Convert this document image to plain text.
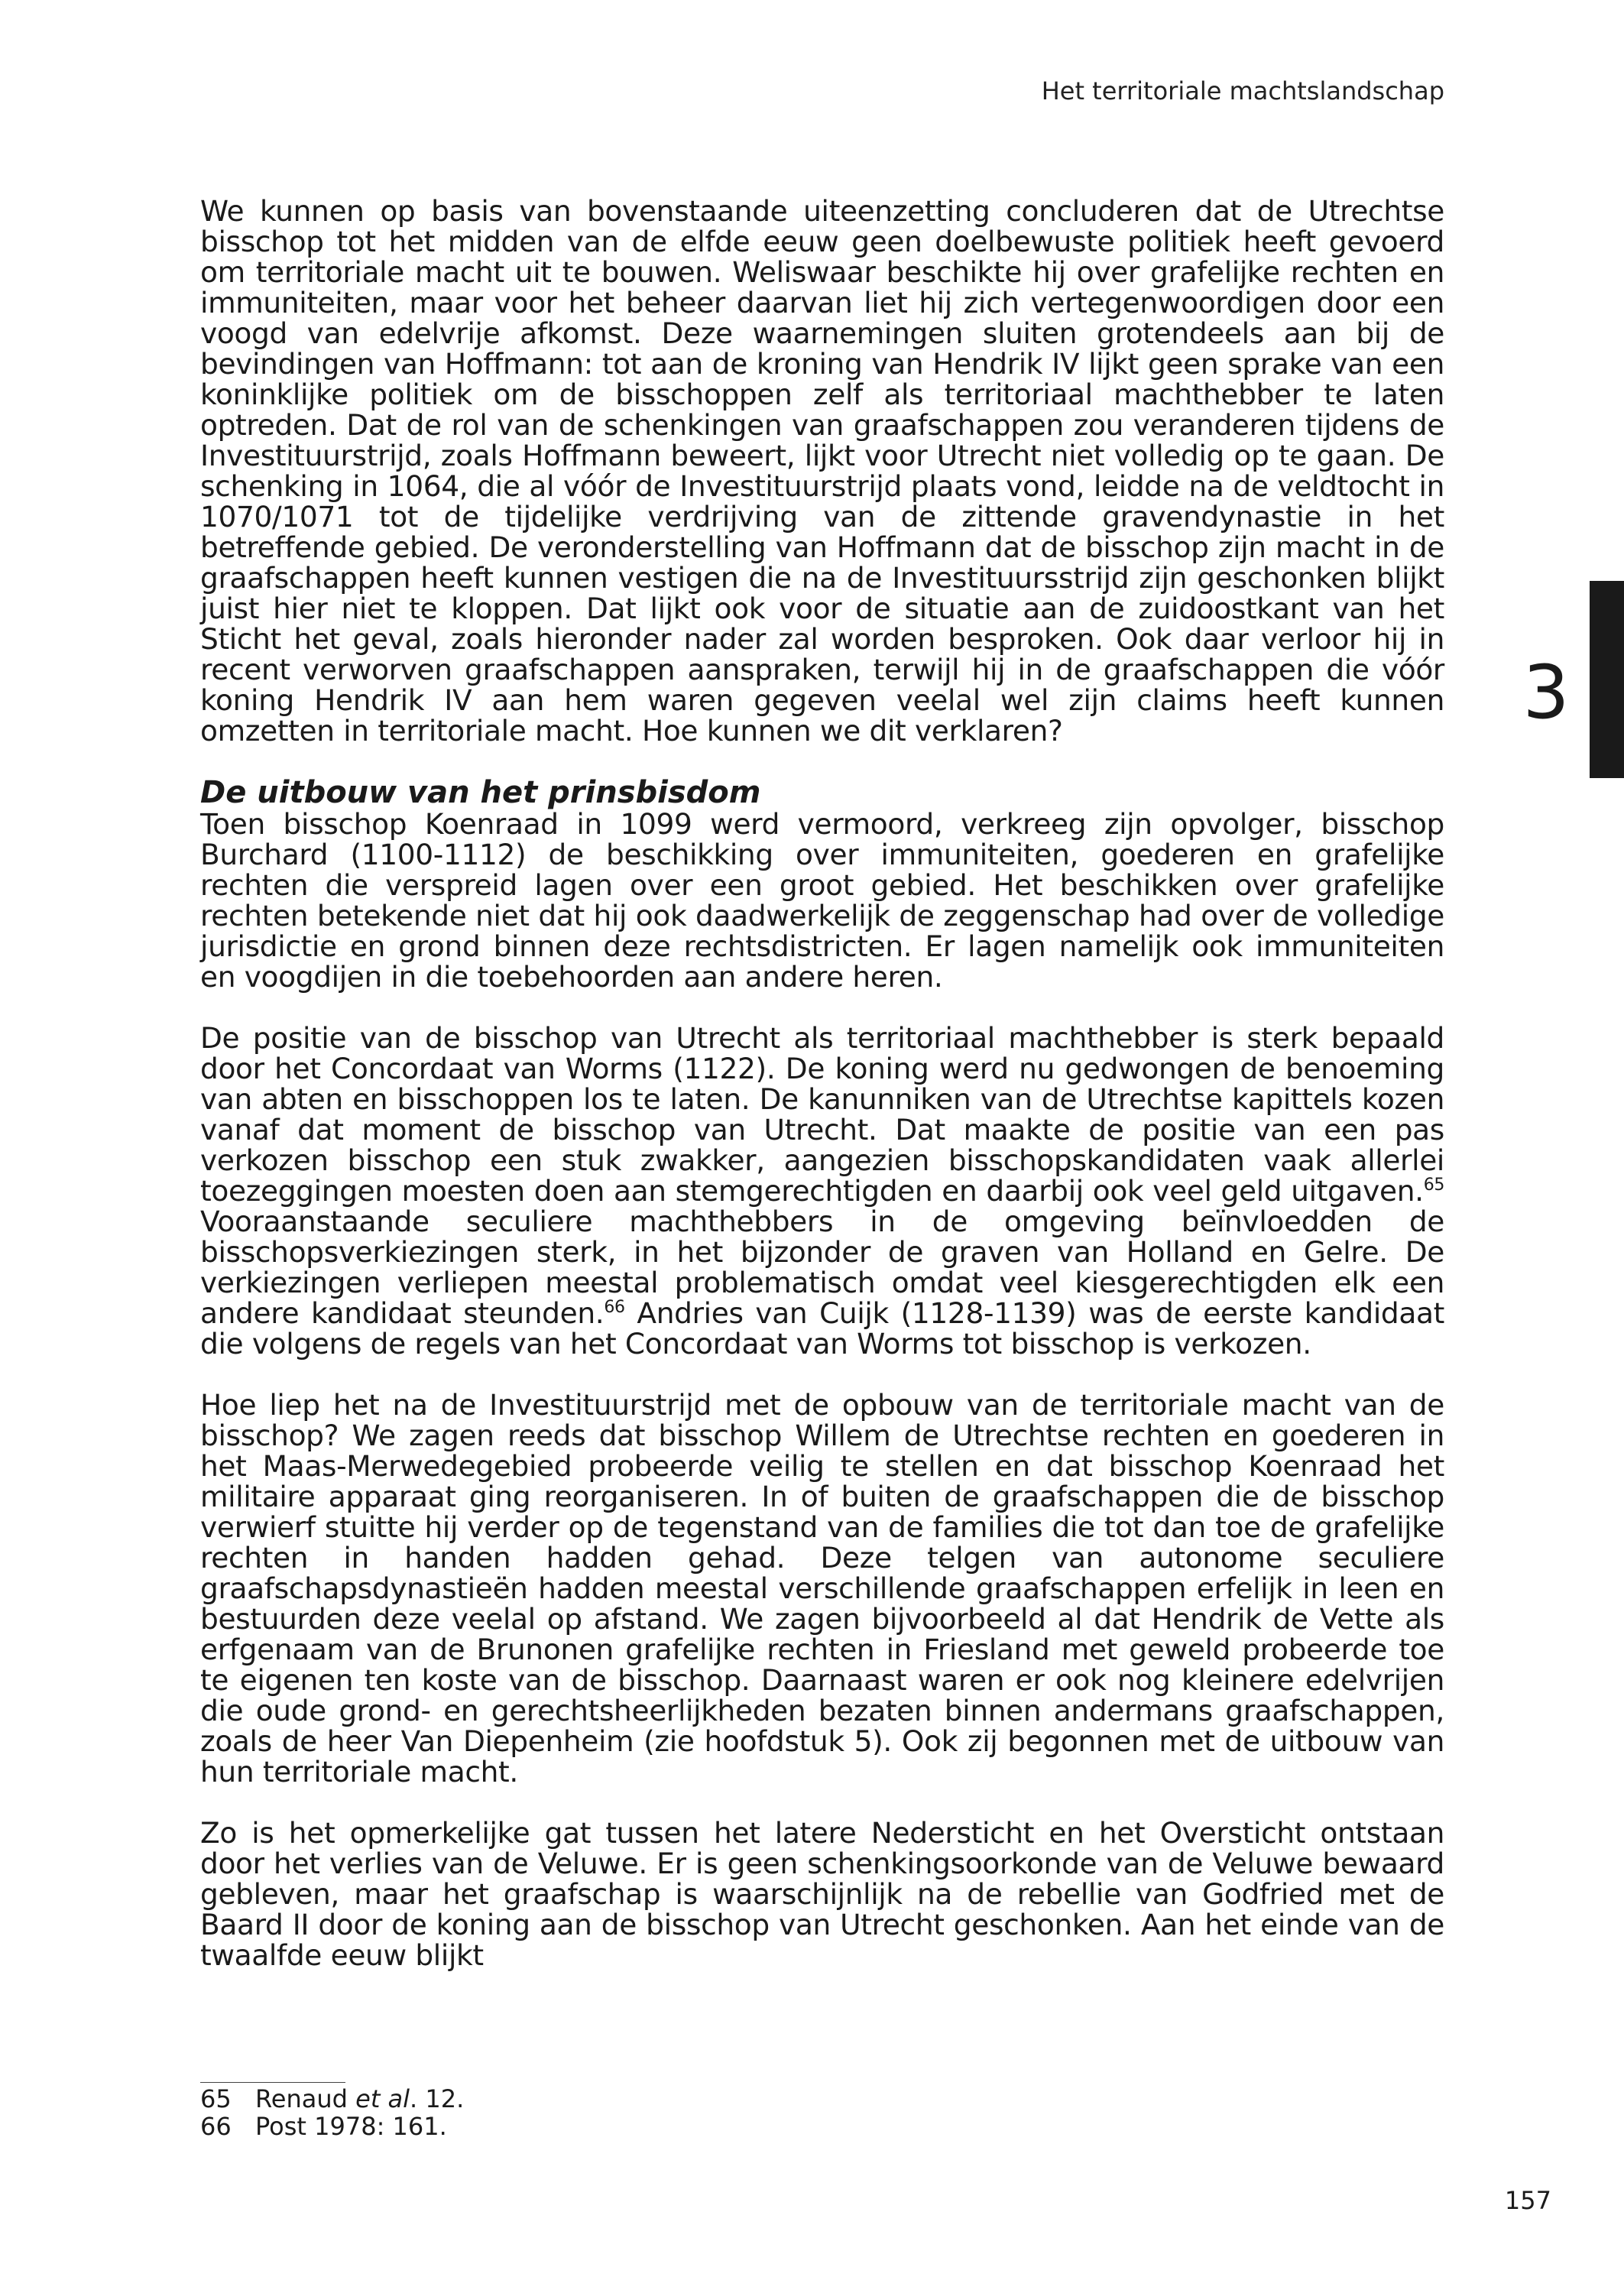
Het territoriale machtslandschap
3

We kunnen op basis van bovenstaande uiteenzetting concluderen dat de Utrechtse bisschop tot het midden van de elfde eeuw geen doelbewuste politiek heeft gevoerd om territoriale macht uit te bouwen. Weliswaar beschikte hij over grafelijke rechten en immuniteiten, maar voor het beheer daarvan liet hij zich vertegenwoordigen door een voogd van edelvrije afkomst. Deze waarnemingen sluiten grotendeels aan bij de bevindingen van Hoffmann: tot aan de kroning van Hendrik IV lijkt geen sprake van een koninklijke politiek om de bisschoppen zelf als territoriaal machthebber te laten optreden. Dat de rol van de schenkingen van graafschappen zou veranderen tijdens de Investituurstrijd, zoals Hoffmann beweert, lijkt voor Utrecht niet volledig op te gaan. De schenking in 1064, die al vóór de Investituurstrijd plaats vond, leidde na de veldtocht in 1070/1071 tot de tijdelijke verdrijving van de zittende gravendynastie in het betreffende gebied. De veronderstelling van Hoffmann dat de bisschop zijn macht in de graafschappen heeft kunnen vestigen die na de Investituursstrijd zijn geschonken blijkt juist hier niet te kloppen. Dat lijkt ook voor de situatie aan de zuidoostkant van het Sticht het geval, zoals hieronder nader zal worden besproken. Ook daar verloor hij in recent verworven graafschappen aanspraken, terwijl hij in de graafschappen die vóór koning Hendrik IV aan hem waren gegeven veelal wel zijn claims heeft kunnen omzetten in territoriale macht. Hoe kunnen we dit verklaren?

De uitbouw van het prinsbisdom

Toen bisschop Koenraad in 1099 werd vermoord, verkreeg zijn opvolger, bisschop Burchard (1100-1112) de beschikking over immuniteiten, goederen en grafelijke rechten die verspreid lagen over een groot gebied. Het beschikken over grafelijke rechten betekende niet dat hij ook daadwerkelijk de zeggenschap had over de volledige jurisdictie en grond binnen deze rechtsdistricten. Er lagen namelijk ook immuniteiten en voogdijen in die toebehoorden aan andere heren.

De positie van de bisschop van Utrecht als territoriaal machthebber is sterk bepaald door het Concordaat van Worms (1122). De koning werd nu gedwongen de benoeming van abten en bisschoppen los te laten. De kanunniken van de Utrechtse kapittels kozen vanaf dat moment de bisschop van Utrecht. Dat maakte de positie van een pas verkozen bisschop een stuk zwakker, aangezien bisschopskandidaten vaak allerlei toezeggingen moesten doen aan stemgerechtigden en daarbij ook veel geld uitgaven.$^{65}$ Vooraanstaande seculiere machthebbers in de omgeving beïnvloedden de bisschopsverkiezingen sterk, in het bijzonder de graven van Holland en Gelre. De verkiezingen verliepen meestal problematisch omdat veel kiesgerechtigden elk een andere kandidaat steunden.$^{66}$ Andries van Cuijk (1128-1139) was de eerste kandidaat die volgens de regels van het Concordaat van Worms tot bisschop is verkozen.

Hoe liep het na de Investituurstrijd met de opbouw van de territoriale macht van de bisschop? We zagen reeds dat bisschop Willem de Utrechtse rechten en goederen in het Maas-Merwedegebied probeerde veilig te stellen en dat bisschop Koenraad het militaire apparaat ging reorganiseren. In of buiten de graafschappen die de bisschop verwierf stuitte hij verder op de tegenstand van de families die tot dan toe de grafelijke rechten in handen hadden gehad. Deze telgen van autonome seculiere graafschapsdynastieën hadden meestal verschillende graafschappen erfelijk in leen en bestuurden deze veelal op afstand. We zagen bijvoorbeeld al dat Hendrik de Vette als erfgenaam van de Brunonen grafelijke rechten in Friesland met geweld probeerde toe te eigenen ten koste van de bisschop. Daarnaast waren er ook nog kleinere edelvrijen die oude grond- en gerechtsheerlijkheden bezaten binnen andermans graafschappen, zoals de heer Van Diepenheim (zie hoofdstuk 5). Ook zij begonnen met de uitbouw van hun territoriale macht.

Zo is het opmerkelijke gat tussen het latere Nedersticht en het Oversticht ontstaan door het verlies van de Veluwe. Er is geen schenkingsoorkonde van de Veluwe bewaard gebleven, maar het graafschap is waarschijnlijk na de rebellie van Godfried met de Baard II door de koning aan de bisschop van Utrecht geschonken. Aan het einde van de twaalfde eeuw blijkt

65 Renaud et al. 12.
66 Post 1978: 161.
157
